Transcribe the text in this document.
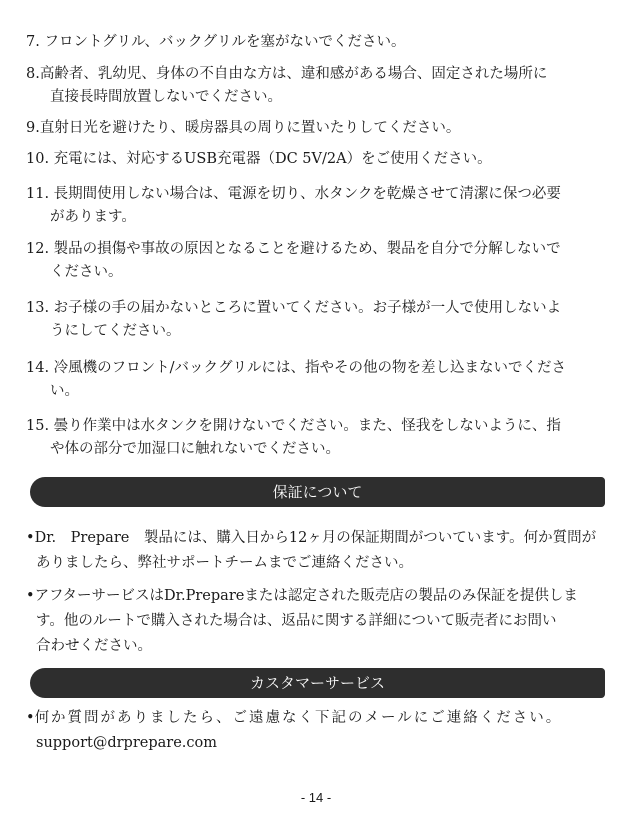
7. フロントグリル、バックグリルを塞がないでください。
8.高齢者、乳幼児、身体の不自由な方は、違和感がある場合、固定された場所に
直接長時間放置しないでください。
9.直射日光を避けたり、暖房器具の周りに置いたりしてください。
10. 充電には、対応するUSB充電器（DC 5V/2A）をご使用ください。
11. 長期間使用しない場合は、電源を切り、水タンクを乾燥させて清潔に保つ必要
があります。
12. 製品の損傷や事故の原因となることを避けるため、製品を自分で分解しないで
ください。
13. お子様の手の届かないところに置いてください。お子様が一人で使用しないよ
うにしてください。
14. 冷風機のフロント/バックグリルには、指やその他の物を差し込まないでくださ
い。
15. 曇り作業中は水タンクを開けないでください。また、怪我をしないように、指
や体の部分で加湿口に触れないでください。
保証について
•Dr.　Prepare　製品には、購入日から12ヶ月の保証期間がついています。何か質問が
ありましたら、弊社サポートチームまでご連絡ください。
•アフターサービスはDr.Prepareまたは認定された販売店の製品のみ保証を提供しま
す。他のルートで購入された場合は、返品に関する詳細について販売者にお問い
合わせください。
カスタマーサービス
•何か質問がありましたら、ご遠慮なく下記のメールにご連絡ください。
support@drprepare.com
- 14 -
